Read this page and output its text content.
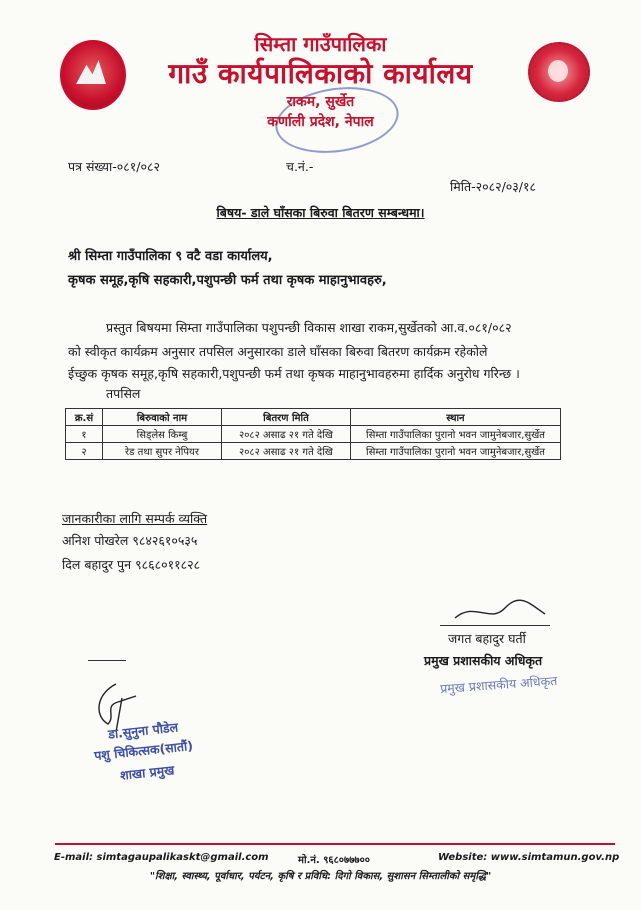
सिम्ता गाउँपालिका
गाउँ कार्यपालिकाको कार्यालय
राकम, सुर्खेत
कर्णाली प्रदेश, नेपाल
पत्र संख्या-०८१/०८२	च.नं.-
मिति-२०८२/०३/१८
बिषय- डाले घाँसका बिरुवा बितरण सम्बन्धमा।
श्री सिम्ता गाउँपालिका ९ वटै वडा कार्यालय,
कृषक समूह,कृषि सहकारी,पशुपन्छी फर्म तथा कृषक माहानुभावहरु,
प्रस्तुत बिषयमा सिम्ता गाउँपालिका पशुपन्छी विकास शाखा राकम,सुर्खेतको आ.व.०८१/०८२
को स्वीकृत कार्यक्रम अनुसार तपसिल अनुसारका डाले घाँसका बिरुवा बितरण कार्यक्रम रहेकोले
ईच्छुक कृषक समूह,कृषि सहकारी,पशुपन्छी फर्म तथा कृषक माहानुभावहरुमा हार्दिक अनुरोध गरिन्छ ।
तपसिल
क्र.सं	बिरुवाको नाम	बितरण मिति	स्थान
१	सिड्लेस किम्बु	२०८२ असाढ २१ गते देखि	सिम्ता गाउँपालिका पुरानो भवन जामुनेबजार,सुर्खेत
२	रेड तथा सुपर नेपियर	२०८२ असाढ २१ गते देखि	सिम्ता गाउँपालिका पुरानो भवन जामुनेबजार,सुर्खेत
जानकारीका लागि सम्पर्क व्यक्ति
अनिश पोखरेल ९८४२६१०५३५
दिल बहादुर पुन ९८६८०११८२८
जगत बहादुर घर्ती
प्रमुख प्रशासकीय अधिकृत
प्रमुख प्रशासकीय अधिकृत
डा.सुनुना पौडेल
पशु चिकित्सक(सातौं)
शाखा प्रमुख
E-mail: simtagaupalikaskt@gmail.com	मो.नं. ९६८०७७७००	Website: www.simtamun.gov.np
"शिक्षा, स्वास्थ्य, पूर्वाधार, पर्यटन, कृषि र प्रविधि: दिगो विकास, सुशासन सिम्तालीको समृद्धि"
